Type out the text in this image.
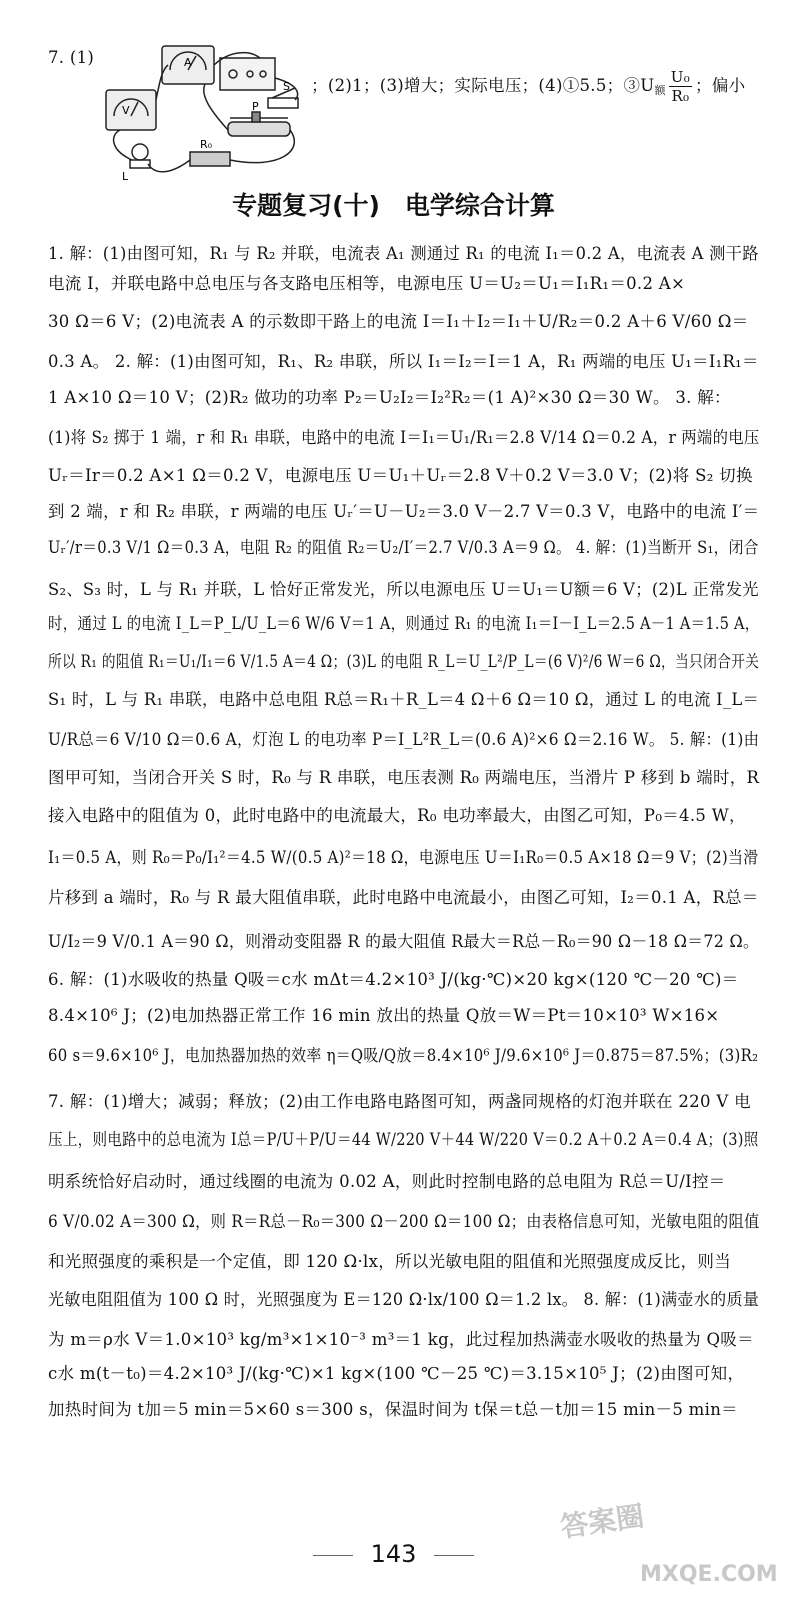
7. (1)

；(2)1；(3)增大；实际电压；(4)①5.5；$③U_额 \frac{\text{U₀}}{\text{R₀}}$ ；偏小

A
V
S
P
R₀
L
专题复习(十)　电学综合计算
1. 解：(1)由图可知，R₁ 与 R₂ 并联，电流表 A₁ 测通过 R₁ 的电流 I₁＝0.2 A，电流表 A 测干路
电流 I，并联电路中总电压与各支路电压相等，电源电压 U＝U₂＝U₁＝I₁R₁＝0.2 A×
30 Ω＝6 V；(2)电流表 A 的示数即干路上的电流 I＝I₁＋I₂＝I₁＋U/R₂＝0.2 A＋6 V/60 Ω＝
0.3 A。 2. 解：(1)由图可知，R₁、R₂ 串联，所以 I₁＝I₂＝I＝1 A，R₁ 两端的电压 U₁＝I₁R₁＝
1 A×10 Ω＝10 V；(2)R₂ 做功的功率 P₂＝U₂I₂＝I₂²R₂＝(1 A)²×30 Ω＝30 W。 3. 解：
(1)将 S₂ 掷于 1 端，r 和 R₁ 串联，电路中的电流 I＝I₁＝U₁/R₁＝2.8 V/14 Ω＝0.2 A，r 两端的电压
Uᵣ＝Ir＝0.2 A×1 Ω＝0.2 V，电源电压 U＝U₁＋Uᵣ＝2.8 V＋0.2 V＝3.0 V；(2)将 S₂ 切换
到 2 端，r 和 R₂ 串联，r 两端的电压 Uᵣ′＝U－U₂＝3.0 V－2.7 V＝0.3 V，电路中的电流 I′＝
Uᵣ′/r＝0.3 V/1 Ω＝0.3 A，电阻 R₂ 的阻值 R₂＝U₂/I′＝2.7 V/0.3 A＝9 Ω。 4. 解：(1)当断开 S₁，闭合
S₂、S₃ 时，L 与 R₁ 并联，L 恰好正常发光，所以电源电压 U＝U₁＝U额＝6 V；(2)L 正常发光
时，通过 L 的电流 I_L＝P_L/U_L＝6 W/6 V＝1 A，则通过 R₁ 的电流 I₁＝I－I_L＝2.5 A－1 A＝1.5 A，
所以 R₁ 的阻值 R₁＝U₁/I₁＝6 V/1.5 A＝4 Ω；(3)L 的电阻 R_L＝U_L²/P_L＝(6 V)²/6 W＝6 Ω，当只闭合开关
S₁ 时，L 与 R₁ 串联，电路中总电阻 R总＝R₁＋R_L＝4 Ω＋6 Ω＝10 Ω，通过 L 的电流 I_L＝
U/R总＝6 V/10 Ω＝0.6 A，灯泡 L 的电功率 P＝I_L²R_L＝(0.6 A)²×6 Ω＝2.16 W。 5. 解：(1)由
图甲可知，当闭合开关 S 时，R₀ 与 R 串联，电压表测 R₀ 两端电压，当滑片 P 移到 b 端时，R
接入电路中的阻值为 0，此时电路中的电流最大，R₀ 电功率最大，由图乙可知，P₀＝4.5 W，
I₁＝0.5 A，则 R₀＝P₀/I₁²＝4.5 W/(0.5 A)²＝18 Ω，电源电压 U＝I₁R₀＝0.5 A×18 Ω＝9 V；(2)当滑
片移到 a 端时，R₀ 与 R 最大阻值串联，此时电路中电流最小，由图乙可知，I₂＝0.1 A，R总＝
U/I₂＝9 V/0.1 A＝90 Ω，则滑动变阻器 R 的最大阻值 R最大＝R总－R₀＝90 Ω－18 Ω＝72 Ω。
6. 解：(1)水吸收的热量 Q吸＝c水 mΔt＝4.2×10³ J/(kg·℃)×20 kg×(120 ℃－20 ℃)＝
8.4×10⁶ J；(2)电加热器正常工作 16 min 放出的热量 Q放＝W＝Pt＝10×10³ W×16×
60 s＝9.6×10⁶ J，电加热器加热的效率 η＝Q吸/Q放＝8.4×10⁶ J/9.6×10⁶ J＝0.875＝87.5%；(3)R₂
7. 解：(1)增大；减弱；释放；(2)由工作电路电路图可知，两盏同规格的灯泡并联在 220 V 电
压上，则电路中的总电流为 I总＝P/U＋P/U＝44 W/220 V＋44 W/220 V＝0.2 A＋0.2 A＝0.4 A；(3)照
明系统恰好启动时，通过线圈的电流为 0.02 A，则此时控制电路的总电阻为 R总＝U/I控＝
6 V/0.02 A＝300 Ω，则 R＝R总－R₀＝300 Ω－200 Ω＝100 Ω；由表格信息可知，光敏电阻的阻值
和光照强度的乘积是一个定值，即 120 Ω·lx，所以光敏电阻的阻值和光照强度成反比，则当
光敏电阻阻值为 100 Ω 时，光照强度为 E＝120 Ω·lx/100 Ω＝1.2 lx。 8. 解：(1)满壶水的质量
为 m＝ρ水 V＝1.0×10³ kg/m³×1×10⁻³ m³＝1 kg，此过程加热满壶水吸收的热量为 Q吸＝
c水 m(t－t₀)＝4.2×10³ J/(kg·℃)×1 kg×(100 ℃－25 ℃)＝3.15×10⁵ J；(2)由图可知，
加热时间为 t加＝5 min＝5×60 s＝300 s，保温时间为 t保＝t总－t加＝15 min－5 min＝
143
答案圈
MXQE.COM
